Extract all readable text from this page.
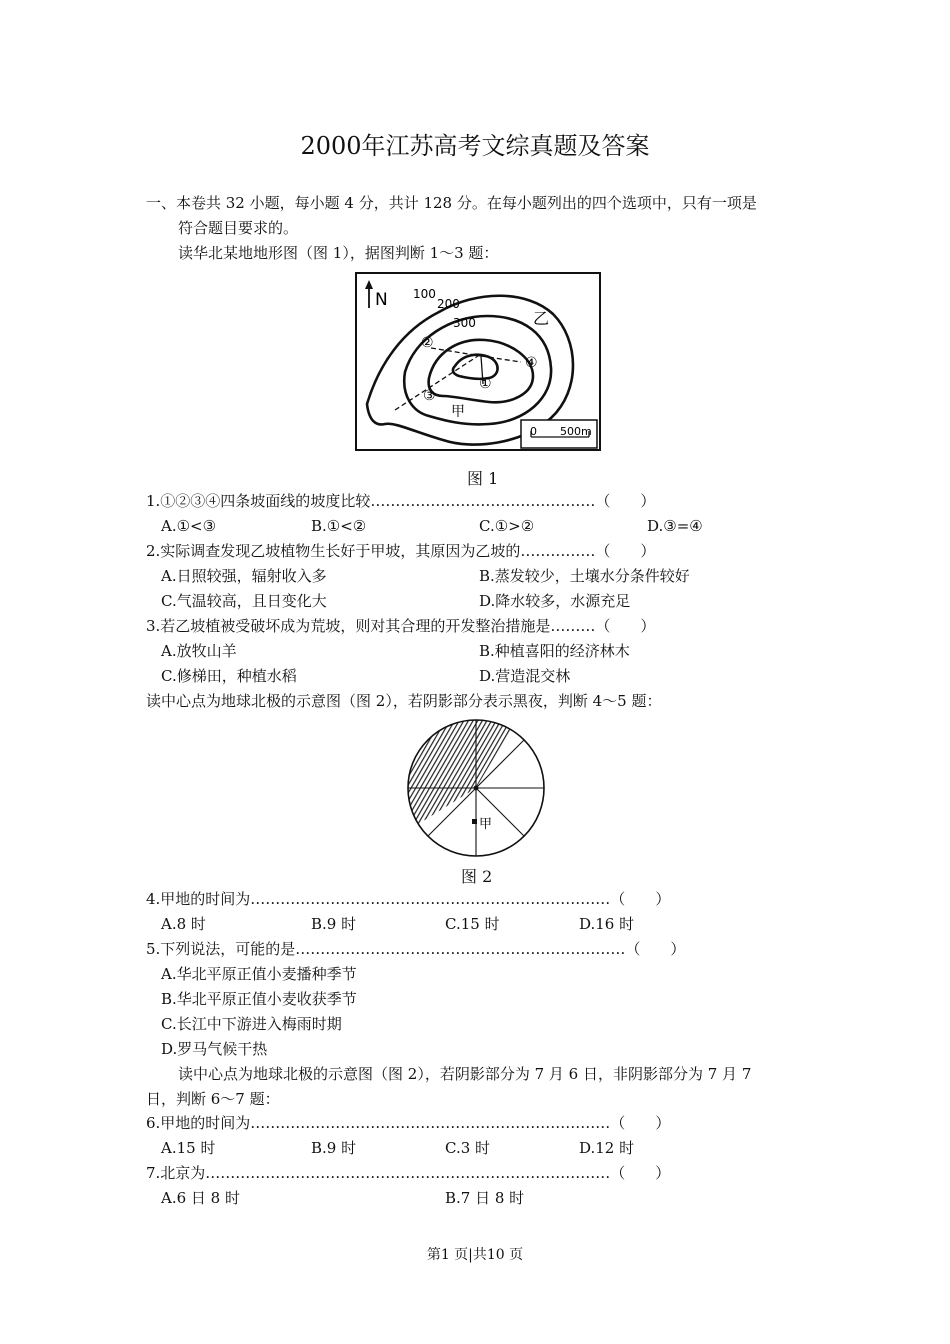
2000年江苏高考文综真题及答案
一、本卷共 32 小题，每小题 4 分，共计 128 分。在每小题列出的四个选项中，只有一项是
符合题目要求的。
读华北某地地形图（图 1），据图判断 1～3 题：
N 100
200
300
②
④
①
③
乙
甲
0 500m
图 1
1.①②③④四条坡面线的坡度比较………………………………………（　　）
A.①<③	B.①<②	C.①>②	D.③=④
2.实际调查发现乙坡植物生长好于甲坡，其原因为乙坡的……………（　　）
A.日照较强，辐射收入多	B.蒸发较少，土壤水分条件较好
C.气温较高，且日变化大	D.降水较多，水源充足
3.若乙坡植被受破坏成为荒坡，则对其合理的开发整治措施是………（　　）
A.放牧山羊	B.种植喜阳的经济林木
C.修梯田，种植水稻	D.营造混交林
读中心点为地球北极的示意图（图 2），若阴影部分表示黑夜，判断 4～5 题：
甲
图 2
4.甲地的时间为………………………………………………………………（　　）
A.8 时	B.9 时	C.15 时	D.16 时
5.下列说法，可能的是…………………………………………………………（　　）
A.华北平原正值小麦播种季节
B.华北平原正值小麦收获季节
C.长江中下游进入梅雨时期
D.罗马气候干热
读中心点为地球北极的示意图（图 2），若阴影部分为 7 月 6 日，非阴影部分为 7 月 7
日，判断 6～7 题：
6.甲地的时间为………………………………………………………………（　　）
A.15 时	B.9 时	C.3 时	D.12 时
7.北京为………………………………………………………………………（　　）
A.6 日 8 时	B.7 日 8 时
第1 页|共10 页
